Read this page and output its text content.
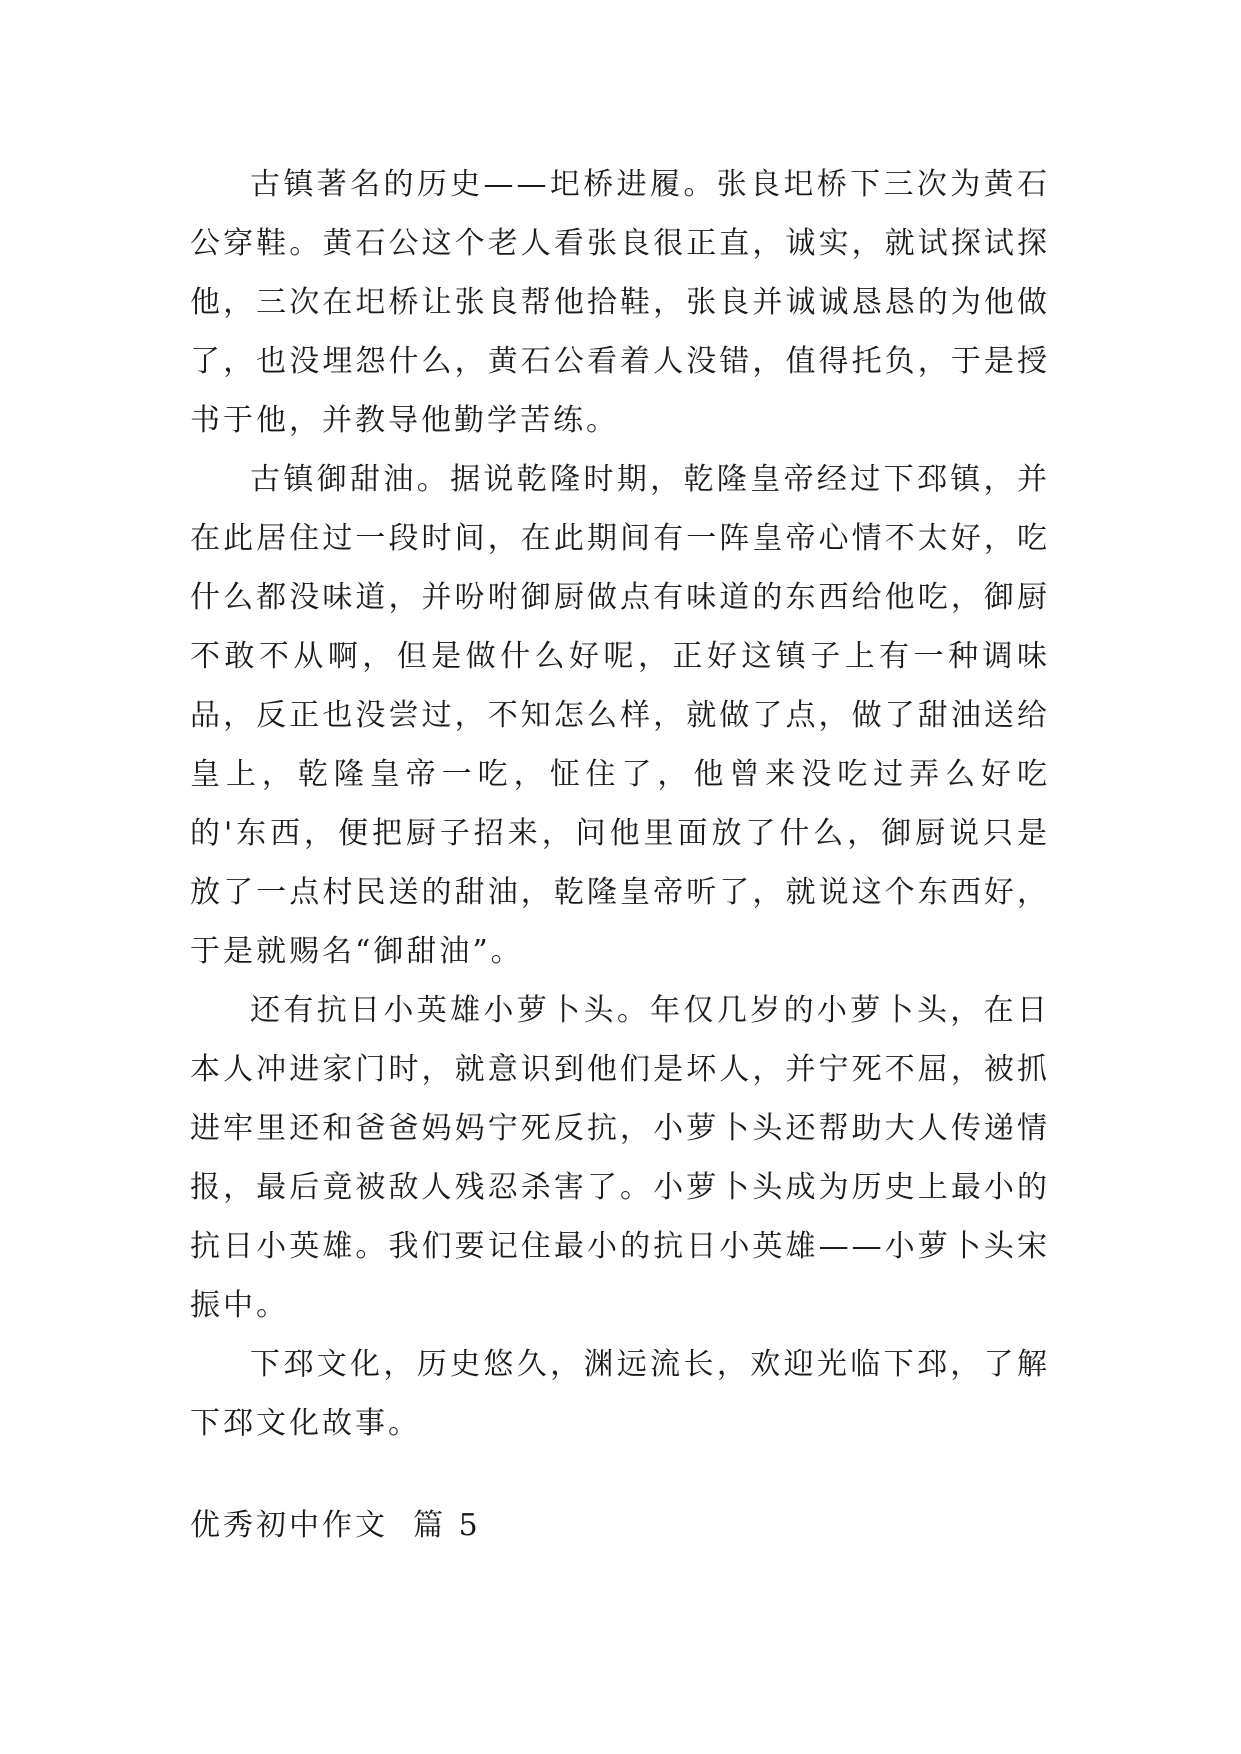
古镇著名的历史——圯桥进履。张良圯桥下三次为黄石公穿鞋。黄石公这个老人看张良很正直，诚实，就试探试探他，三次在圯桥让张良帮他拾鞋，张良并诚诚恳恳的为他做了，也没埋怨什么，黄石公看着人没错，值得托负，于是授书于他，并教导他勤学苦练。

古镇御甜油。据说乾隆时期，乾隆皇帝经过下邳镇，并在此居住过一段时间，在此期间有一阵皇帝心情不太好，吃什么都没味道，并吩咐御厨做点有味道的东西给他吃，御厨不敢不从啊，但是做什么好呢，正好这镇子上有一种调味品，反正也没尝过，不知怎么样，就做了点，做了甜油送给皇上，乾隆皇帝一吃，怔住了，他曾来没吃过弄么好吃的'东西，便把厨子招来，问他里面放了什么，御厨说只是放了一点村民送的甜油，乾隆皇帝听了，就说这个东西好，于是就赐名“御甜油”。

还有抗日小英雄小萝卜头。年仅几岁的小萝卜头，在日本人冲进家门时，就意识到他们是坏人，并宁死不屈，被抓进牢里还和爸爸妈妈宁死反抗，小萝卜头还帮助大人传递情报，最后竟被敌人残忍杀害了。小萝卜头成为历史上最小的抗日小英雄。我们要记住最小的抗日小英雄——小萝卜头宋振中。

下邳文化，历史悠久，渊远流长，欢迎光临下邳，了解下邳文化故事。

优秀初中作文  篇 5
